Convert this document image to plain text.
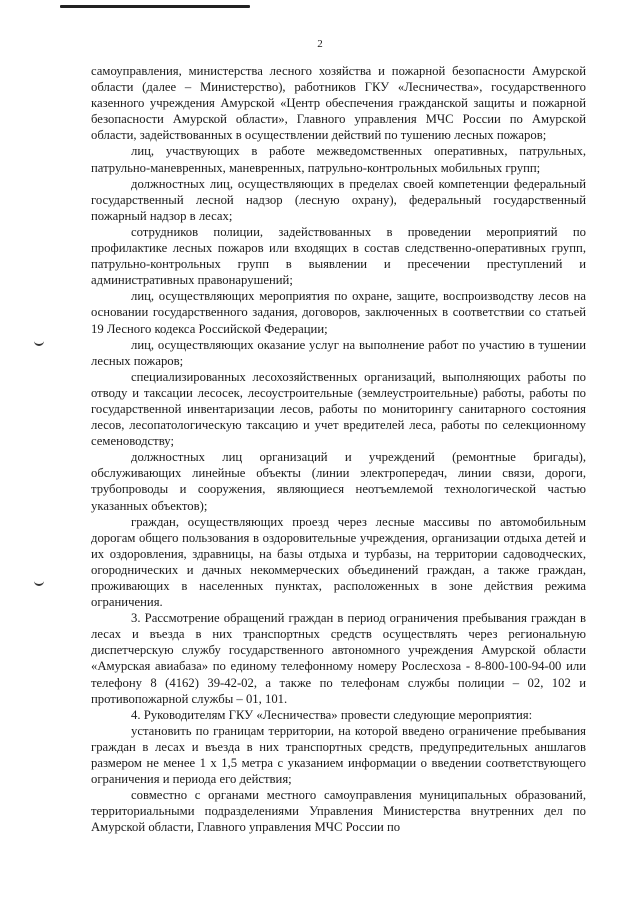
2

самоуправления, министерства лесного хозяйства и пожарной безопасности Амурской области (далее – Министерство), работников ГКУ «Лесничества», государственного казенного учреждения Амурской «Центр обеспечения гражданской защиты и пожарной безопасности Амурской области», Главного управления МЧС России по Амурской области, задействованных в осуществлении действий по тушению лесных пожаров;

лиц, участвующих в работе межведомственных оперативных, патрульных, патрульно-маневренных, маневренных, патрульно-контрольных мобильных групп;

должностных лиц, осуществляющих в пределах своей компетенции федеральный государственный лесной надзор (лесную охрану), федеральный государственный пожарный надзор в лесах;

сотрудников полиции, задействованных в проведении мероприятий по профилактике лесных пожаров или входящих в состав следственно-оперативных групп, патрульно-контрольных групп в выявлении и пресечении преступлений и административных правонарушений;

лиц, осуществляющих мероприятия по охране, защите, воспроизводству лесов на основании государственного задания, договоров, заключенных в соответствии со статьей 19 Лесного кодекса Российской Федерации;

лиц, осуществляющих оказание услуг на выполнение работ по участию в тушении лесных пожаров;

специализированных лесохозяйственных организаций, выполняющих работы по отводу и таксации лесосек, лесоустроительные (землеустроительные) работы, работы по государственной инвентаризации лесов, работы по мониторингу санитарного состояния лесов, лесопатологическую таксацию и учет вредителей леса, работы по селекционному семеноводству;

должностных лиц организаций и учреждений (ремонтные бригады), обслуживающих линейные объекты (линии электропередач, линии связи, дороги, трубопроводы и сооружения, являющиеся неотъемлемой технологической частью указанных объектов);

граждан, осуществляющих проезд через лесные массивы по автомобильным дорогам общего пользования в оздоровительные учреждения, организации отдыха детей и их оздоровления, здравницы, на базы отдыха и турбазы, на территории садоводческих, огороднических и дачных некоммерческих объединений граждан, а также граждан, проживающих в населенных пунктах, расположенных в зоне действия режима ограничения.

3. Рассмотрение обращений граждан в период ограничения пребывания граждан в лесах и въезда в них транспортных средств осуществлять через региональную диспетчерскую службу государственного автономного учреждения Амурской области «Амурская авиабаза» по единому телефонному номеру Рослесхоза - 8-800-100-94-00 или телефону 8 (4162) 39-42-02, а также по телефонам службы полиции – 02, 102 и противопожарной службы – 01, 101.

4. Руководителям ГКУ «Лесничества» провести следующие мероприятия:

установить по границам территории, на которой введено ограничение пребывания граждан в лесах и въезда в них транспортных средств, предупредительных аншлагов размером не менее 1 х 1,5 метра с указанием информации о введении соответствующего ограничения и периода его действия;

совместно с органами местного самоуправления муниципальных образований, территориальными подразделениями Управления Министерства внутренних дел по Амурской области, Главного управления МЧС России по
